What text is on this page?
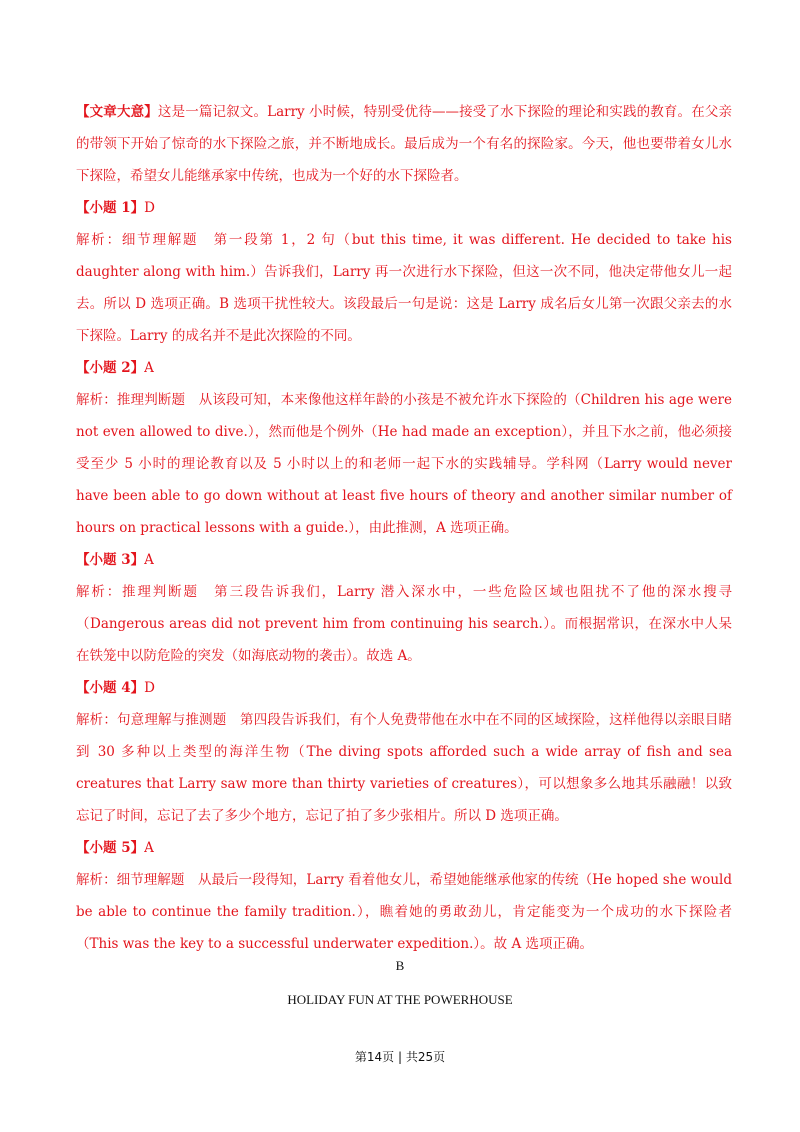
【文章大意】这是一篇记叙文。Larry 小时候，特别受优待——接受了水下探险的理论和实践的教育。在父亲的带领下开始了惊奇的水下探险之旅，并不断地成长。最后成为一个有名的探险家。今天，他也要带着女儿水下探险，希望女儿能继承家中传统，也成为一个好的水下探险者。

【小题 1】D

解析：细节理解题　第一段第 1，2 句（but this time, it was different. He decided to take his daughter along with him.）告诉我们，Larry 再一次进行水下探险，但这一次不同，他决定带他女儿一起去。所以 D 选项正确。B 选项干扰性较大。该段最后一句是说：这是 Larry 成名后女儿第一次跟父亲去的水下探险。Larry 的成名并不是此次探险的不同。

【小题 2】A

解析：推理判断题　从该段可知，本来像他这样年龄的小孩是不被允许水下探险的（Children his age were not even allowed to dive.），然而他是个例外（He had made an exception），并且下水之前，他必须接受至少 5 小时的理论教育以及 5 小时以上的和老师一起下水的实践辅导。学科网（Larry would never have been able to go down without at least five hours of theory and another similar number of hours on practical lessons with a guide.），由此推测，A 选项正确。

【小题 3】A

解析：推理判断题　第三段告诉我们，Larry 潜入深水中，一些危险区域也阻扰不了他的深水搜寻（Dangerous areas did not prevent him from continuing his search.）。而根据常识，在深水中人呆在铁笼中以防危险的突发（如海底动物的袭击）。故选 A。

【小题 4】D

解析：句意理解与推测题　第四段告诉我们，有个人免费带他在水中在不同的区域探险，这样他得以亲眼目睹到 30 多种以上类型的海洋生物（The diving spots afforded such a wide array of fish and sea creatures that Larry saw more than thirty varieties of creatures），可以想象多么地其乐融融！以致忘记了时间，忘记了去了多少个地方，忘记了拍了多少张相片。所以 D 选项正确。

【小题 5】A

解析：细节理解题　从最后一段得知，Larry 看着他女儿，希望她能继承他家的传统（He hoped she would be able to continue the family tradition.），瞧着她的勇敢劲儿，肯定能变为一个成功的水下探险者（This was the key to a successful underwater expedition.）。故 A 选项正确。

B
HOLIDAY FUN AT THE POWERHOUSE
第14页 | 共25页
